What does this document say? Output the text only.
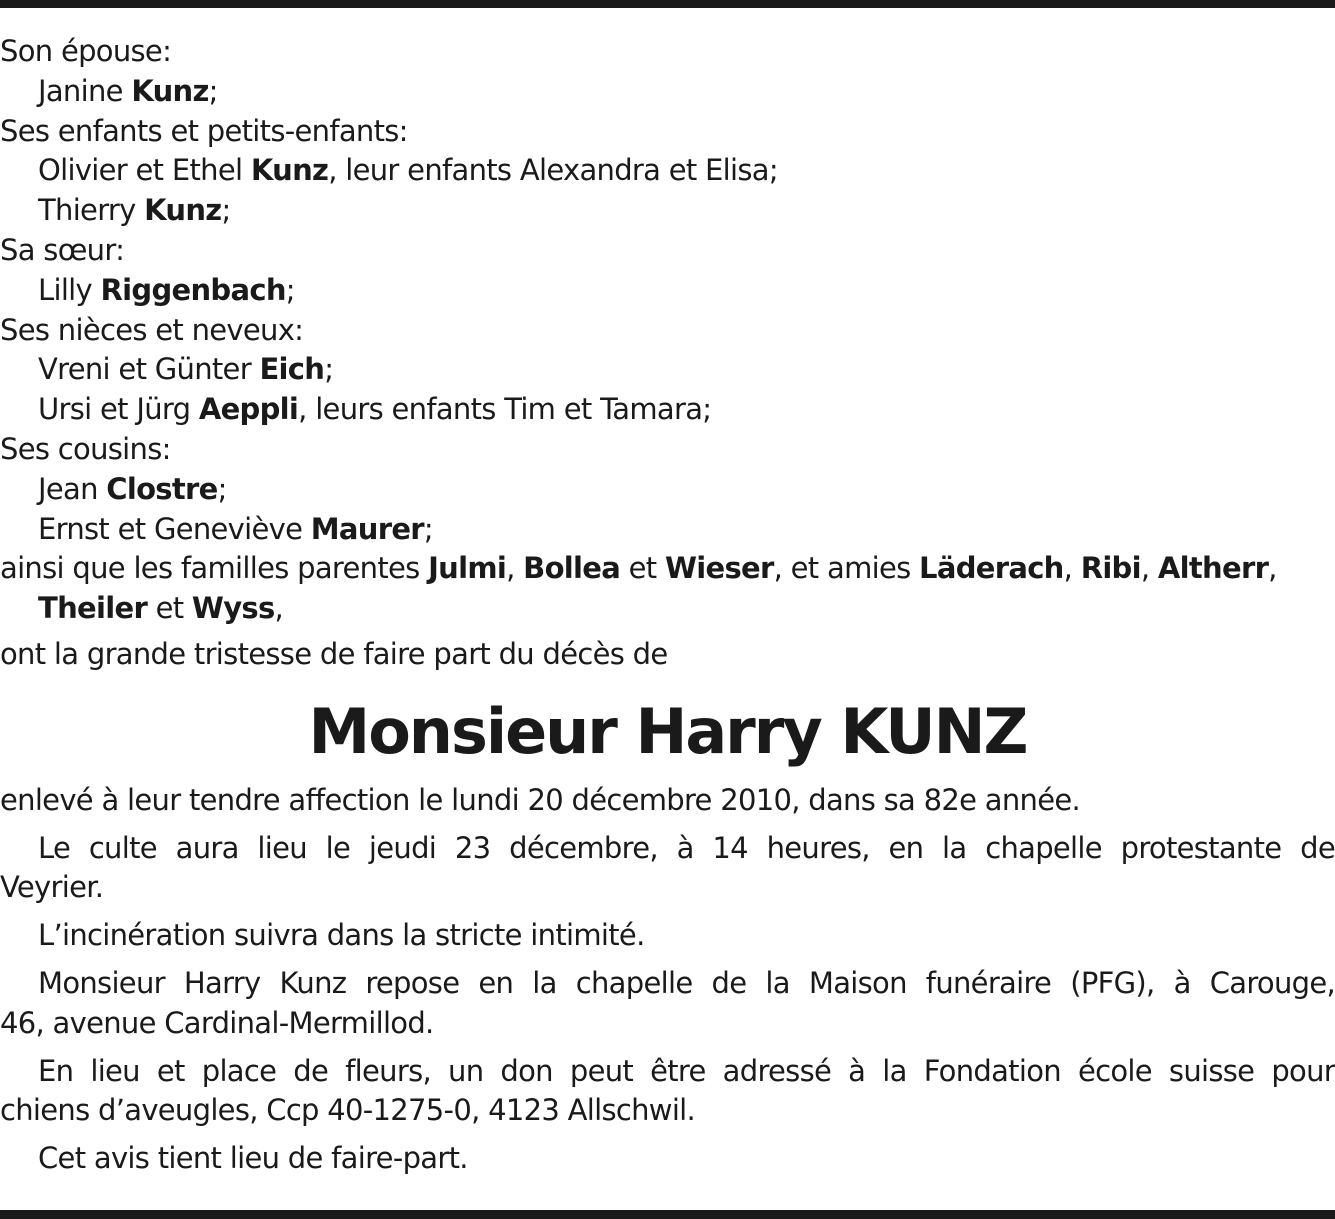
Son épouse:
Janine Kunz;
Ses enfants et petits-enfants:
Olivier et Ethel Kunz, leur enfants Alexandra et Elisa;
Thierry Kunz;
Sa sœur:
Lilly Riggenbach;
Ses nièces et neveux:
Vreni et Günter Eich;
Ursi et Jürg Aeppli, leurs enfants Tim et Tamara;
Ses cousins:
Jean Clostre;
Ernst et Geneviève Maurer;
ainsi que les familles parentes Julmi, Bollea et Wieser, et amies Läderach, Ribi, Altherr,
Theiler et Wyss,
ont la grande tristesse de faire part du décès de
Monsieur Harry KUNZ
enlevé à leur tendre affection le lundi 20 décembre 2010, dans sa 82e année.
Le culte aura lieu le jeudi 23 décembre, à 14 heures, en la chapelle protestante de
Veyrier.
L’incinération suivra dans la stricte intimité.
Monsieur Harry Kunz repose en la chapelle de la Maison funéraire (PFG), à Carouge,
46, avenue Cardinal-Mermillod.
En lieu et place de fleurs, un don peut être adressé à la Fondation école suisse pour
chiens d’aveugles, Ccp 40-1275-0, 4123 Allschwil.
Cet avis tient lieu de faire-part.
